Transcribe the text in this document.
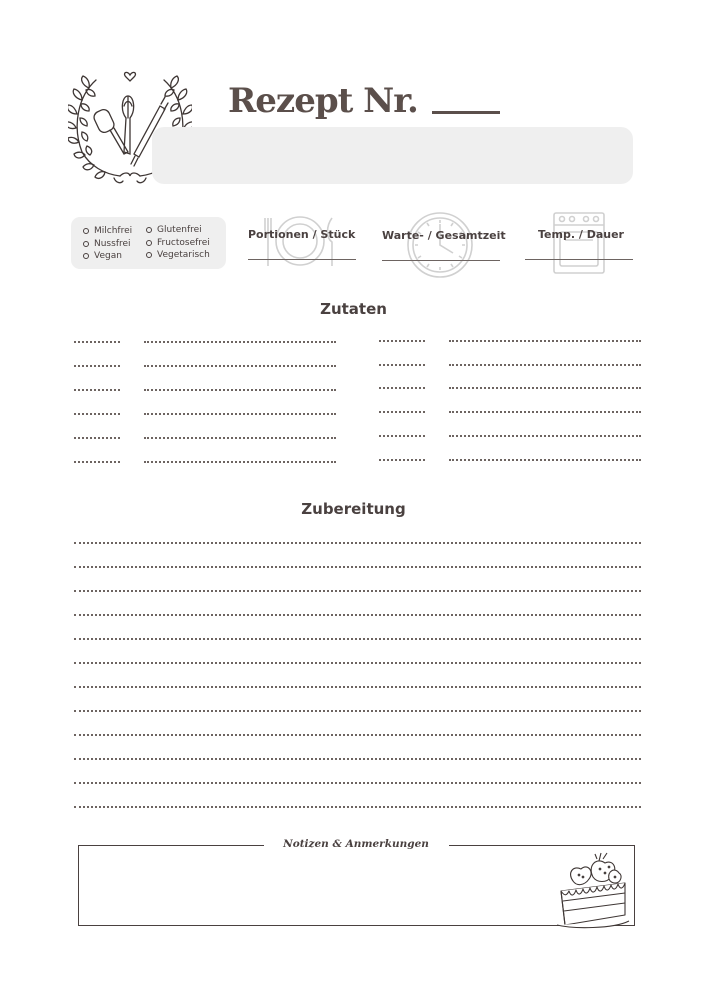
Rezept Nr.
Milchfrei
Nussfrei
Vegan
Glutenfrei
Fructosefrei
Vegetarisch
Portionen / Stück Warte- / Gesamtzeit	Temp. / Dauer
Zutaten
Zubereitung
Notizen & Anmerkungen
